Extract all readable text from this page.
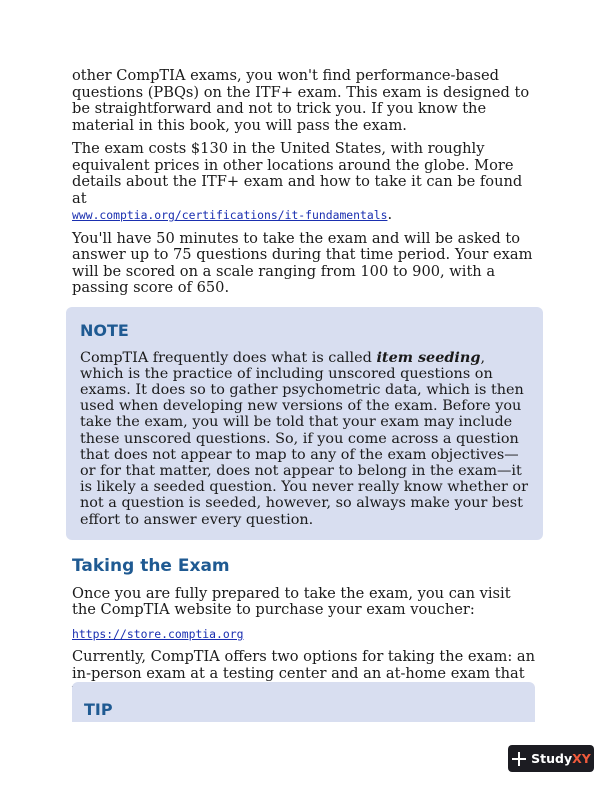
other CompTIA exams, you won't find performance-based questions (PBQs) on the ITF+ exam. This exam is designed to be straightforward and not to trick you. If you know the material in this book, you will pass the exam.

The exam costs $130 in the United States, with roughly equivalent prices in other locations around the globe. More details about the ITF+ exam and how to take it can be found at
www.comptia.org/certifications/it-fundamentals.

You'll have 50 minutes to take the exam and will be asked to answer up to 75 questions during that time period. Your exam will be scored on a scale ranging from 100 to 900, with a passing score of 650.

NOTE

CompTIA frequently does what is called item seeding, which is the practice of including unscored questions on exams. It does so to gather psychometric data, which is then used when developing new versions of the exam. Before you take the exam, you will be told that your exam may include these unscored questions. So, if you come across a question that does not appear to map to any of the exam objectives—or for that matter, does not appear to belong in the exam—it is likely a seeded question. You never really know whether or not a question is seeded, however, so always make your best effort to answer every question.

Taking the Exam

Once you are fully prepared to take the exam, you can visit the CompTIA website to purchase your exam voucher:

https://store.comptia.org

Currently, CompTIA offers two options for taking the exam: an in-person exam at a testing center and an at-home exam that

TIP
StudyXY
